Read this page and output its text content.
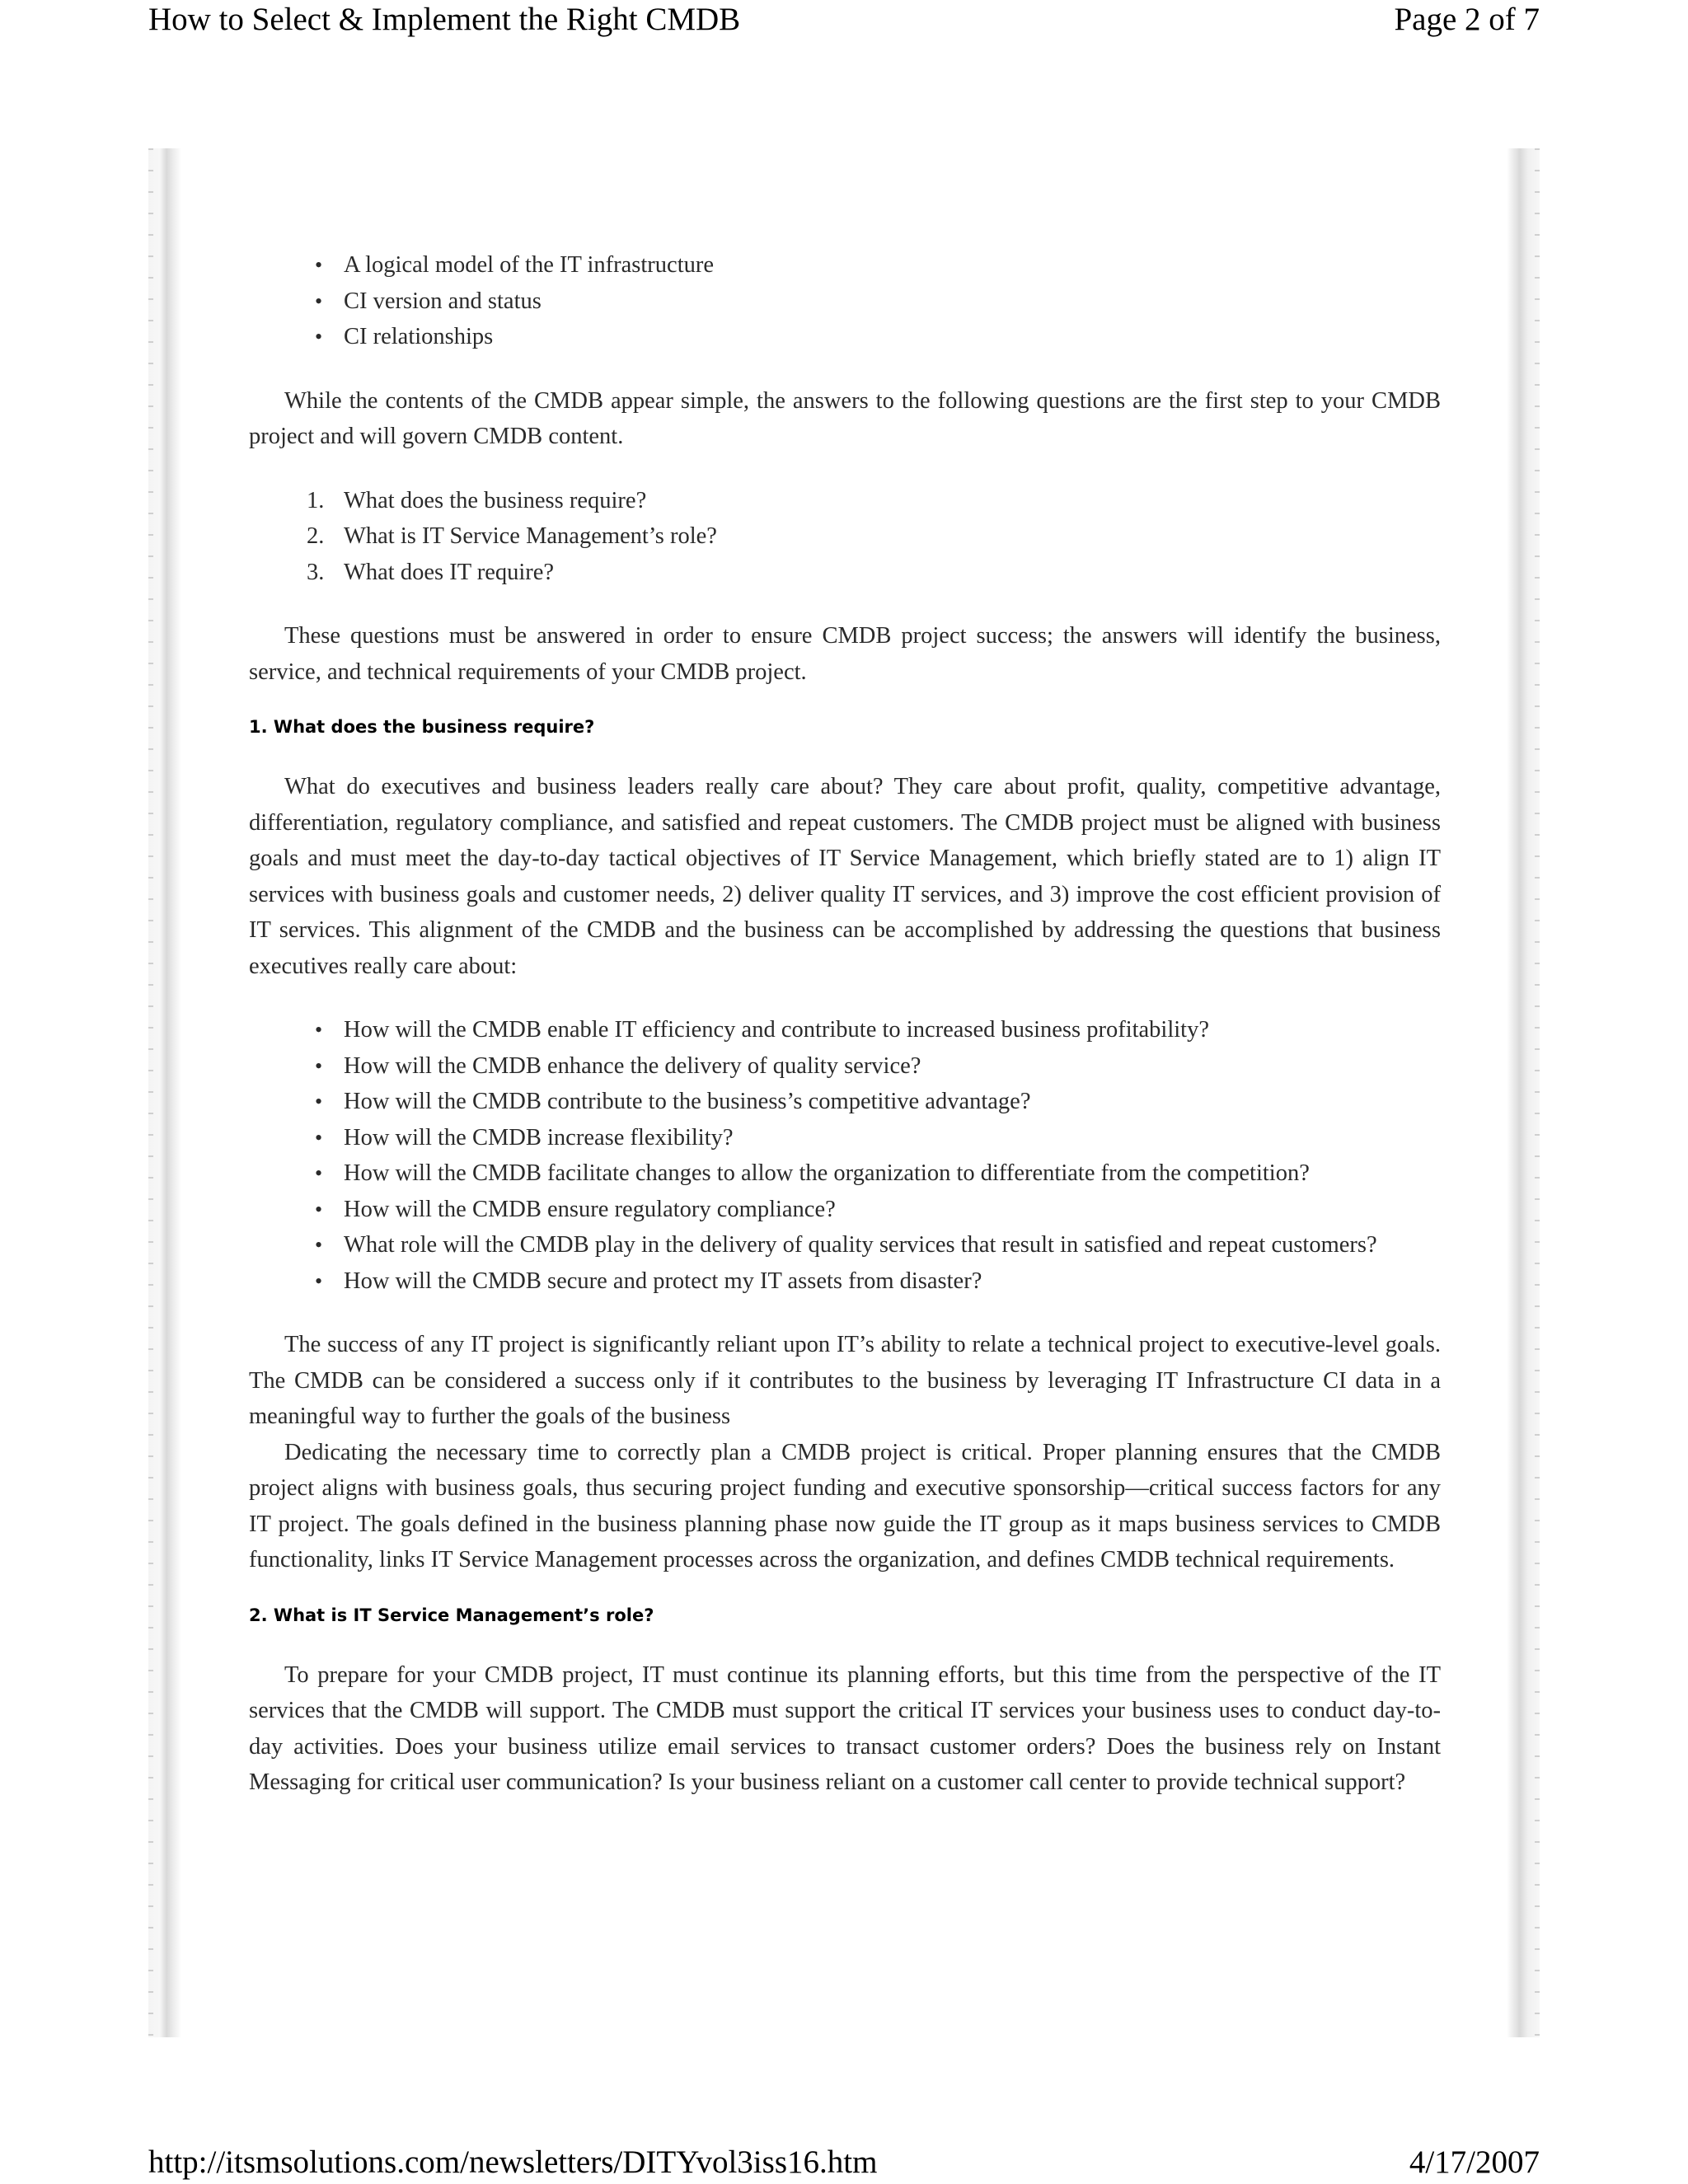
How to Select & Implement the Right CMDB	Page 2 of 7
• A logical model of the IT infrastructure
• CI version and status
• CI relationships

While the contents of the CMDB appear simple, the answers to the following questions are the first step to your CMDB project and will govern CMDB content.

1. What does the business require?
2. What is IT Service Management’s role?
3. What does IT require?

These questions must be answered in order to ensure CMDB project success; the answers will identify the business, service, and technical requirements of your CMDB project.

1. What does the business require?

What do executives and business leaders really care about? They care about profit, quality, competitive advantage, differentiation, regulatory compliance, and satisfied and repeat customers. The CMDB project must be aligned with business goals and must meet the day-to-day tactical objectives of IT Service Management, which briefly stated are to 1) align IT services with business goals and customer needs, 2) deliver quality IT services, and 3) improve the cost efficient provision of IT services. This alignment of the CMDB and the business can be accomplished by addressing the questions that business executives really care about:

• How will the CMDB enable IT efficiency and contribute to increased business profitability?
• How will the CMDB enhance the delivery of quality service?
• How will the CMDB contribute to the business’s competitive advantage?
• How will the CMDB increase flexibility?
• How will the CMDB facilitate changes to allow the organization to differentiate from the competition?
• How will the CMDB ensure regulatory compliance?
• What role will the CMDB play in the delivery of quality services that result in satisfied and repeat customers?
• How will the CMDB secure and protect my IT assets from disaster?

The success of any IT project is significantly reliant upon IT’s ability to relate a technical project to executive-level goals. The CMDB can be considered a success only if it contributes to the business by leveraging IT Infrastructure CI data in a meaningful way to further the goals of the business

Dedicating the necessary time to correctly plan a CMDB project is critical. Proper planning ensures that the CMDB project aligns with business goals, thus securing project funding and executive sponsorship—critical success factors for any IT project. The goals defined in the business planning phase now guide the IT group as it maps business services to CMDB functionality, links IT Service Management processes across the organization, and defines CMDB technical requirements.

2. What is IT Service Management’s role?

To prepare for your CMDB project, IT must continue its planning efforts, but this time from the perspective of the IT services that the CMDB will support. The CMDB must support the critical IT services your business uses to conduct day-to-day activities. Does your business utilize email services to transact customer orders? Does the business rely on Instant Messaging for critical user communication? Is your business reliant on a customer call center to provide technical support?

http://itsmsolutions.com/newsletters/DITYvol3iss16.htm	4/17/2007
